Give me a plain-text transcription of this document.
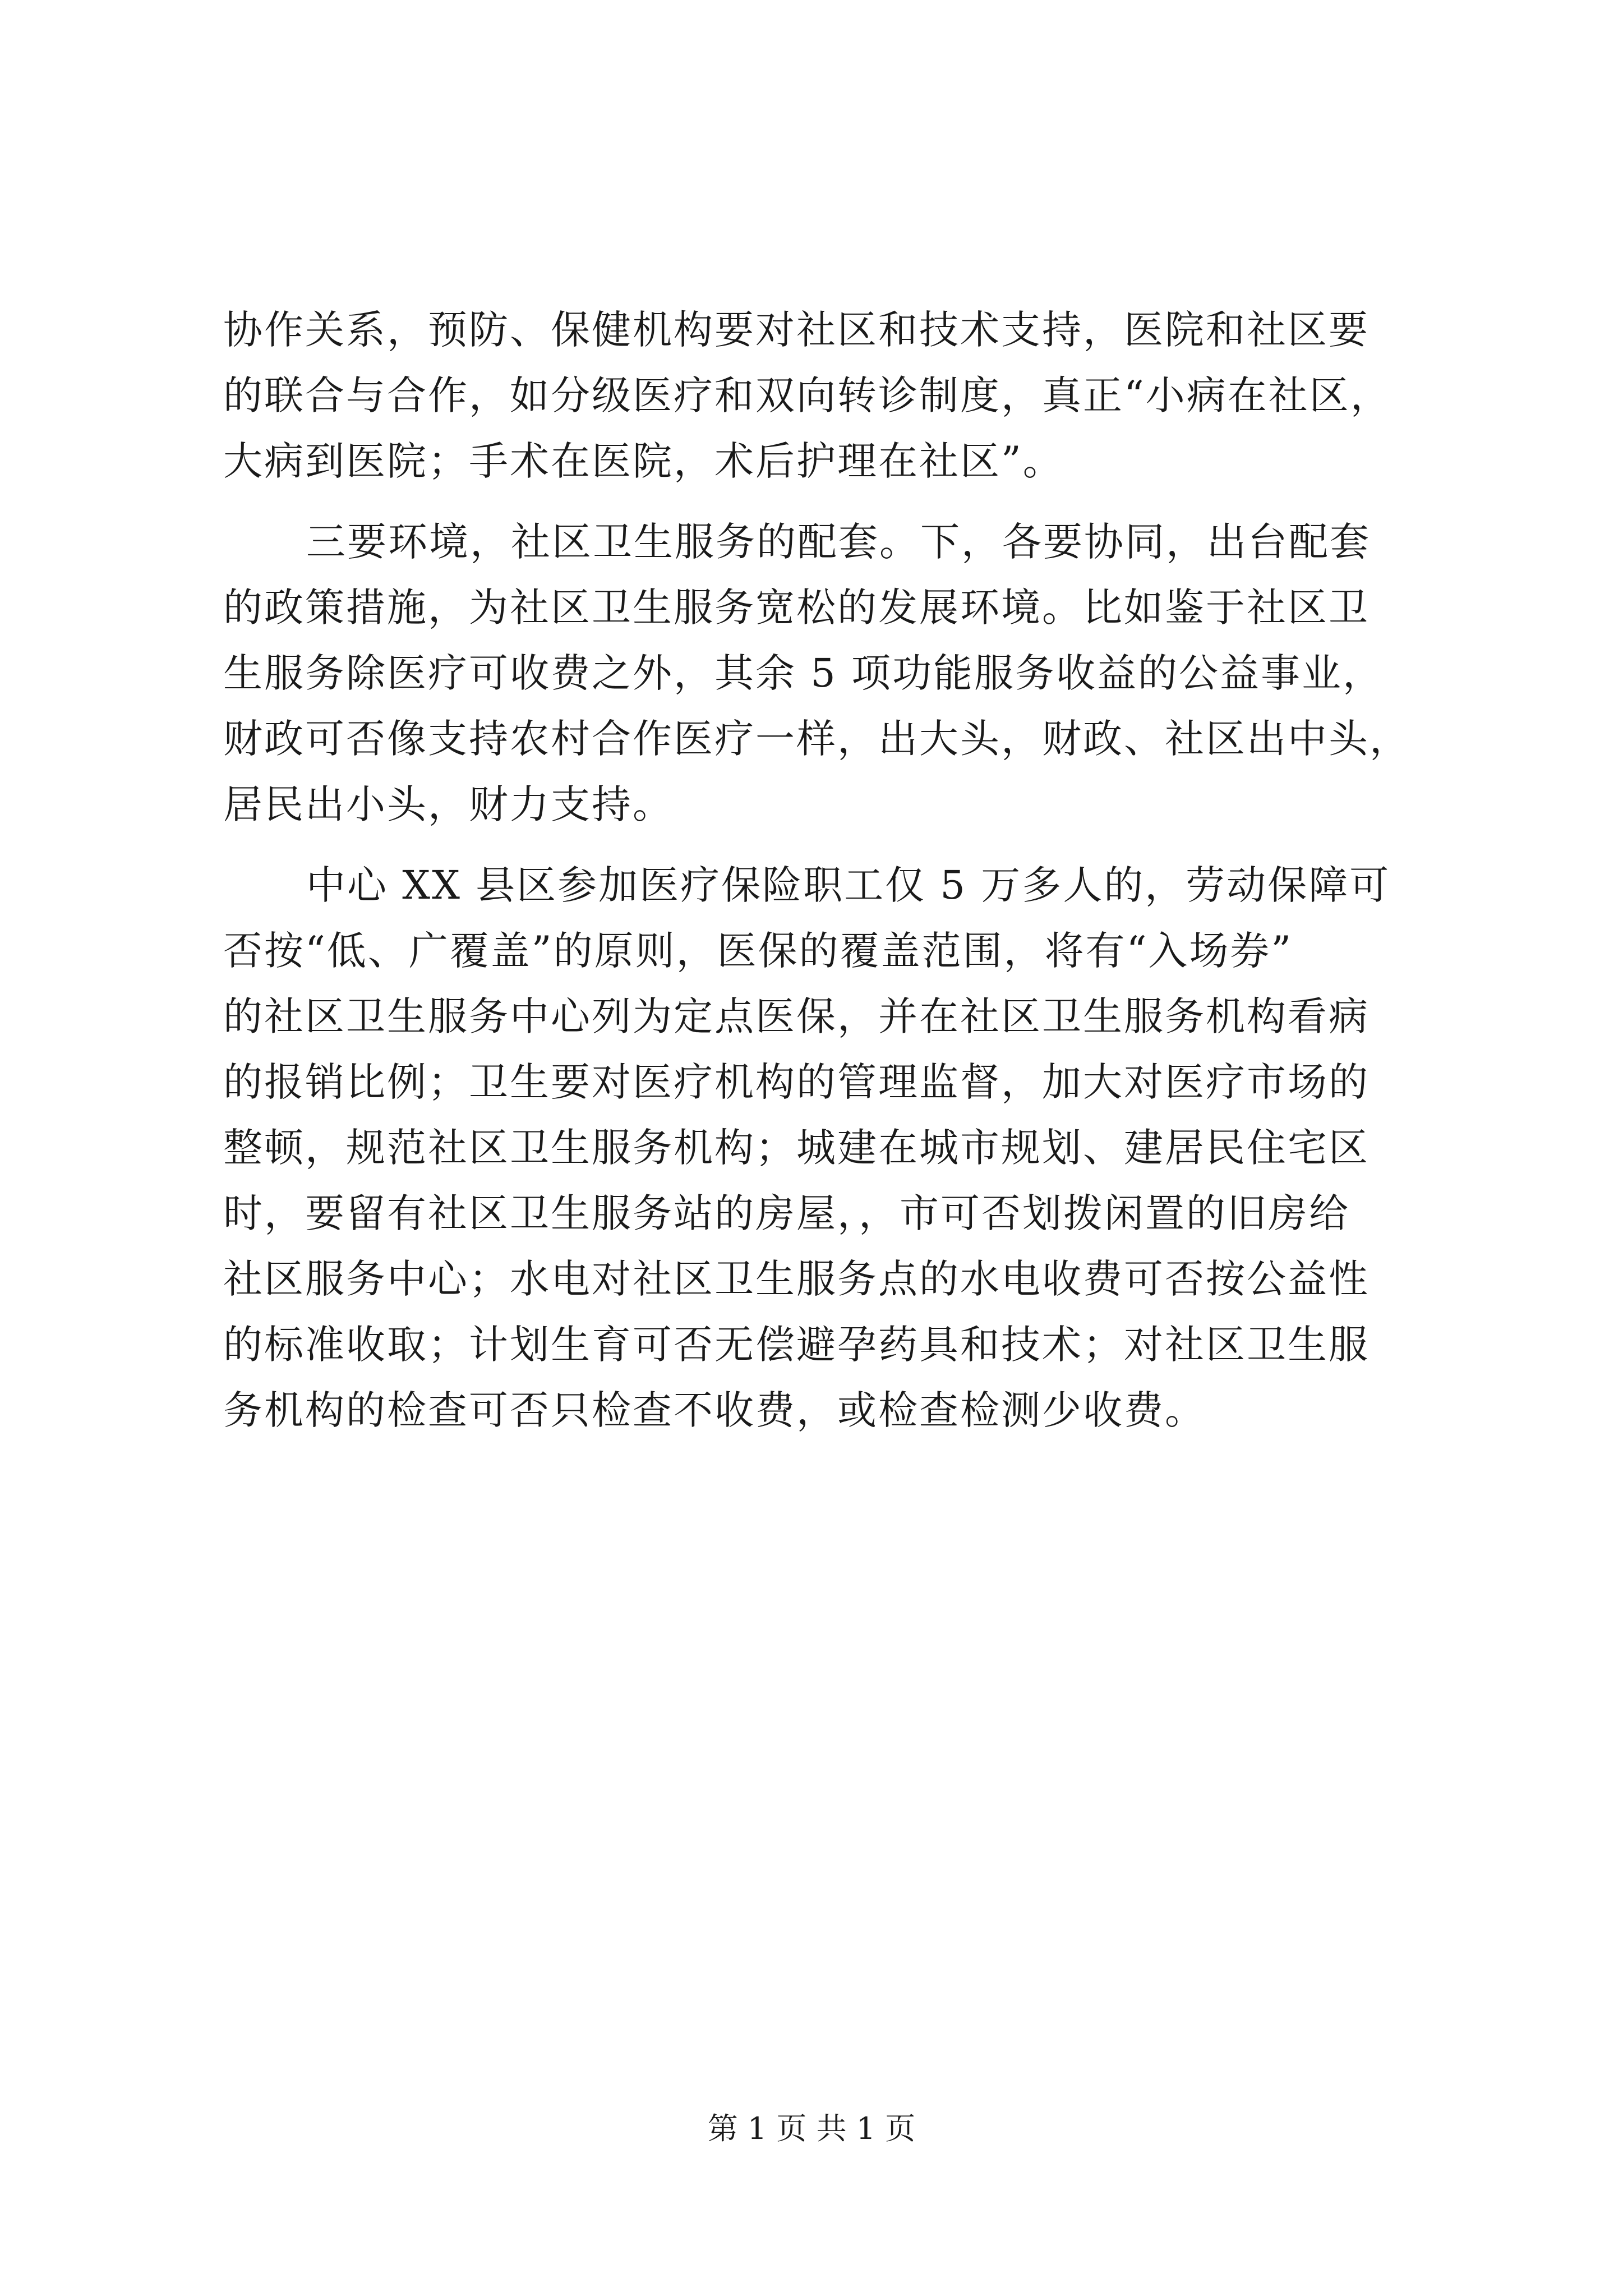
协作关系，预防、保健机构要对社区和技术支持，医院和社区要
的联合与合作，如分级医疗和双向转诊制度，真正“小病在社区，
大病到医院；手术在医院，术后护理在社区”。

三要环境，社区卫生服务的配套。下，各要协同，出台配套
的政策措施，为社区卫生服务宽松的发展环境。比如鉴于社区卫
生服务除医疗可收费之外，其余 5 项功能服务收益的公益事业，
财政可否像支持农村合作医疗一样，出大头，财政、社区出中头，
居民出小头，财力支持。

中心 XX 县区参加医疗保险职工仅 5 万多人的，劳动保障可
否按“低、广覆盖”的原则，医保的覆盖范围，将有“入场券”
的社区卫生服务中心列为定点医保，并在社区卫生服务机构看病
的报销比例；卫生要对医疗机构的管理监督，加大对医疗市场的
整顿，规范社区卫生服务机构；城建在城市规划、建居民住宅区
时，要留有社区卫生服务站的房屋，，市可否划拨闲置的旧房给
社区服务中心；水电对社区卫生服务点的水电收费可否按公益性
的标准收取；计划生育可否无偿避孕药具和技术；对社区卫生服
务机构的检查可否只检查不收费，或检查检测少收费。

第 1 页 共 1 页
